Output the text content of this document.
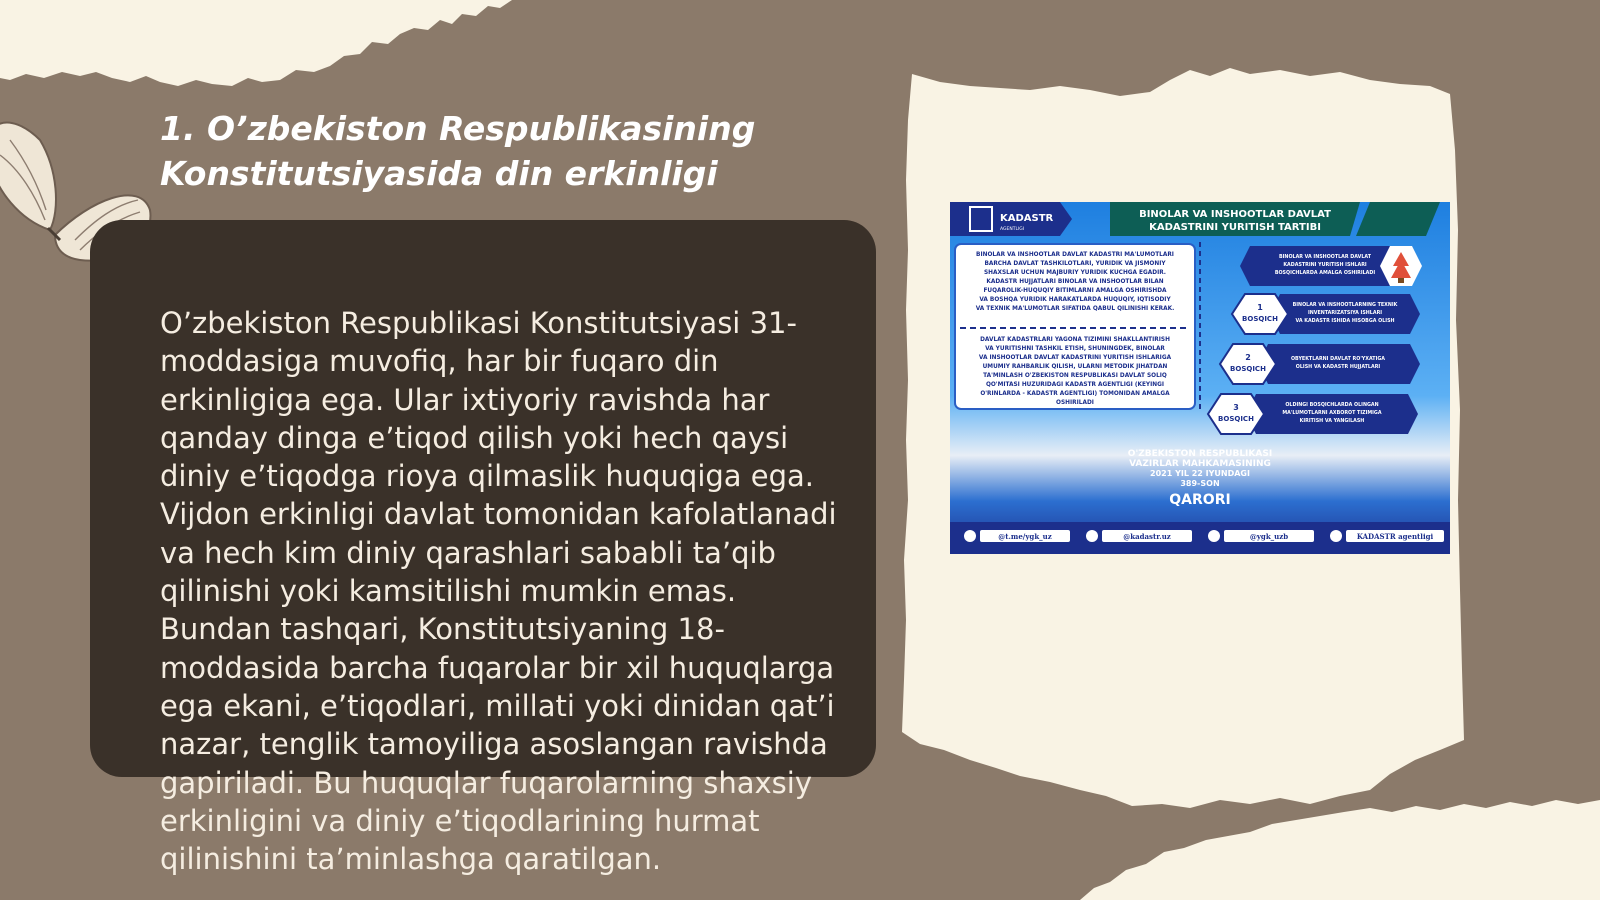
1. O’zbekiston Respublikasining
Konstitutsiyasida din erkinligi

O’zbekiston Respublikasi Konstitutsiyasi 31-moddasiga muvofiq, har bir fuqaro din erkinligiga ega. Ular ixtiyoriy ravishda har qanday dinga e’tiqod qilish yoki hech qaysi diniy e’tiqodga rioya qilmaslik huquqiga ega. Vijdon erkinligi davlat tomonidan kafolatlanadi va hech kim diniy qarashlari sababli ta’qib qilinishi yoki kamsitilishi mumkin emas. Bundan tashqari, Konstitutsiyaning 18-moddasida barcha fuqarolar bir xil huquqlarga ega ekani, e’tiqodlari, millati yoki dinidan qat’i nazar, tenglik tamoyiliga asoslangan ravishda gapiriladi. Bu huquqlar fuqarolarning shaxsiy erkinligini va diniy e’tiqodlarining hurmat qilinishini ta’minlashga qaratilgan.

KADASTR
AGENTLIGI
BINOLAR VA INSHOOTLAR DAVLAT
KADASTRINI YURITISH TARTIBI
BINOLAR VA INSHOOTLAR DAVLAT KADASTRI MA'LUMOTLARI
BARCHA DAVLAT TASHKILOTLARI, YURIDIK VA JISMONIY
SHAXSLAR UCHUN MAJBURIY YURIDIK KUCHGA EGADIR.
KADASTR HUJJATLARI BINOLAR VA INSHOOTLAR BILAN
FUQAROLIK-HUQUQIY BITIMLARNI AMALGA OSHIRISHDA
VA BOSHQA YURIDIK HARAKATLARDA HUQUQIY, IQTISODIY
VA TEXNIK MA'LUMOTLAR SIFATIDA QABUL QILINISHI KERAK.
DAVLAT KADASTRLARI YAGONA TIZIMINI SHAKLLANTIRISH
VA YURITISHNI TASHKIL ETISH, SHUNINGDEK, BINOLAR
VA INSHOOTLAR DAVLAT KADASTRINI YURITISH ISHLARIGA
UMUMIY RAHBARLIK QILISH, ULARNI METODIK JIHATDAN
TA'MINLASH O'ZBEKISTON RESPUBLIKASI DAVLAT SOLIQ
QO'MITASI HUZURIDAGI KADASTR AGENTLIGI (KEYINGI
O'RINLARDA - KADASTR AGENTLIGI) TOMONIDAN AMALGA
OSHIRILADI
BINOLAR VA INSHOOTLAR DAVLAT
KADASTRINI YURITISH ISHLARI
BOSQICHLARDA AMALGA OSHIRILADI
1
BOSQICH
BINOLAR VA INSHOOTLARNING TEXNIK
INVENTARIZATSIYA ISHLARI
VA KADASTR ISHIDA HISOBGA OLISH
2
BOSQICH
OBYEKTLARNI DAVLAT RO'YXATIGA
OLISH VA KADASTR HUJJATLARI
3
BOSQICH
OLDINGI BOSQICHLARDA OLINGAN
MA'LUMOTLARNI AXBOROT TIZIMIGA
KIRITISH VA YANGILASH
O'ZBEKISTON RESPUBLIKASI
VAZIRLAR MAHKAMASINING
2021 YIL 22 IYUNDAGI
389-SON
QARORI
@t.me/ygk_uz	@kadastr.uz	@ygk_uzb	KADASTR agentligi
